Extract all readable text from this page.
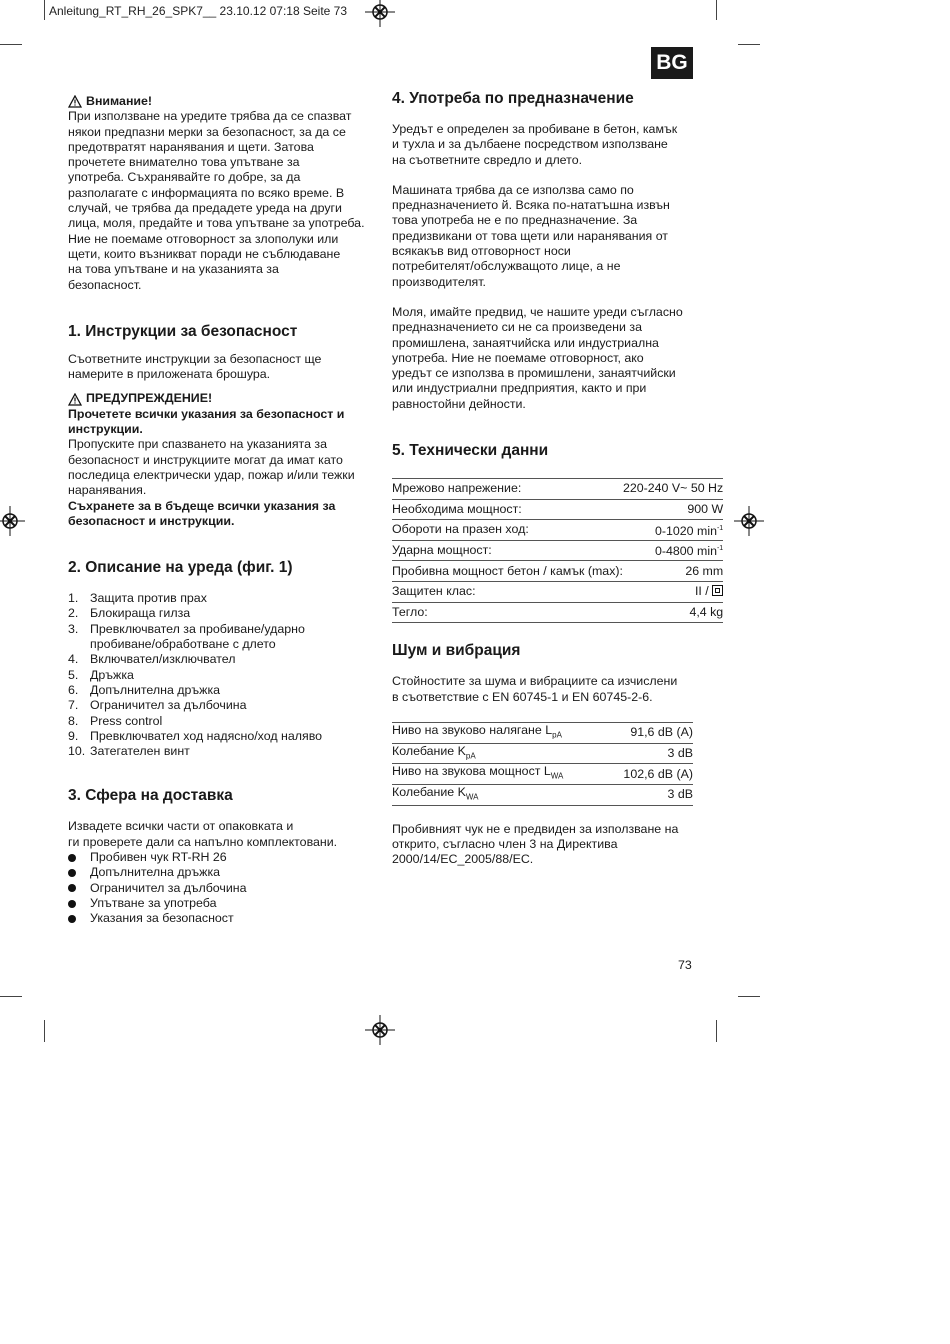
Anleitung_RT_RH_26_SPK7__ 23.10.12 07:18 Seite 73
BG
Внимание!

При използване на уредите трябва да се спазват
някои предпазни мерки за безопасност, за да се
предотвратят наранявания и щети. Затова
прочетете внимателно това упътване за
употреба. Съхранявайте го добре, за да
разполагате с информацията по всяко време. В
случай, че трябва да предадете уреда на други
лица, моля, предайте и това упътване за употреба.
Ние не поемаме отговорност за злополуки или
щети, които възникват поради не съблюдаване
на това упътване и на указанията за
безопасност.

1. Инструкции за безопасност

Съответните инструкции за безопасност ще
намерите в приложената брошура.

ПРЕДУПРЕЖДЕНИЕ!

Прочетете всички указания за безопасност и
инструкции.

Пропуските при спазването на указанията за
безопасност и инструкциите могат да имат като
последица електрически удар, пожар и/или тежки
наранявания.

Съхранете за в бъдеще всички указания за
безопасност и инструкции.

2. Описание на уреда (фиг. 1)
1. Защита против прах
2. Блокираща гилза
3. Превключвател за пробиване/ударно
пробиване/обработване с длето
4. Включвател/изключвател
5. Дръжка
6. Допълнителна дръжка
7. Ограничител за дълбочина
8. Press control
9. Превключвател ход надясно/ход наляво
10. Затегателен винт
3. Сфера на доставка

Извадете всички части от опаковката и
ги проверете дали са напълно комплектовани.

Пробивен чук RT-RH 26
Допълнителна дръжка
Ограничител за дълбочина
Упътване за употреба
Указания за безопасност
4. Употреба по предназначение

Уредът е определен за пробиване в бетон, камък
и тухла и за дълбаене посредством използване
на съответните свредло и длето.

Машината трябва да се използва само по
предназначението й. Всяка по-нататъшна извън
това употреба не е по предназначение. За
предизвикани от това щети или наранявания от
всякакъв вид отговорност носи
потребителят/обслужващото лице, а не
производителят.

Моля, имайте предвид, че нашите уреди съгласно
предназначението си не са произведени за
промишлена, занаятчийска или индустриална
употреба. Ние не поемаме отговорност, ако
уредът се използва в промишлени, занаятчийски
или индустриални предприятия, както и при
равностойни дейности.

5. Технически данни
Мрежово напрежение:	220-240 V~ 50 Hz
Необходима мощност:	900 W
Обороти на празен ход:	0-1020 $\min^{-1}$
Ударна мощност:	0-4800 $\min^{-1}$
Пробивна мощност бетон / камък (max):	26 mm
Защитен клас:	II /
Тегло:	4,4 kg
Шум и вибрация

Стойностите за шума и вибрациите са изчислени
в съответствие с EN 60745-1 и EN 60745-2-6.

Ниво на звуково налягане $L_{pA}$	91,6 dB (A)
Колебание $K_{pA}$	3 dB
Ниво на звукова мощност $L_{WA}$	102,6 dB (A)
Колебание $K_{WA}$	3 dB

Пробивният чук не е предвиден за използване на
открито, съгласно член 3 на Директива
2000/14/EC_2005/88/EC.

73
